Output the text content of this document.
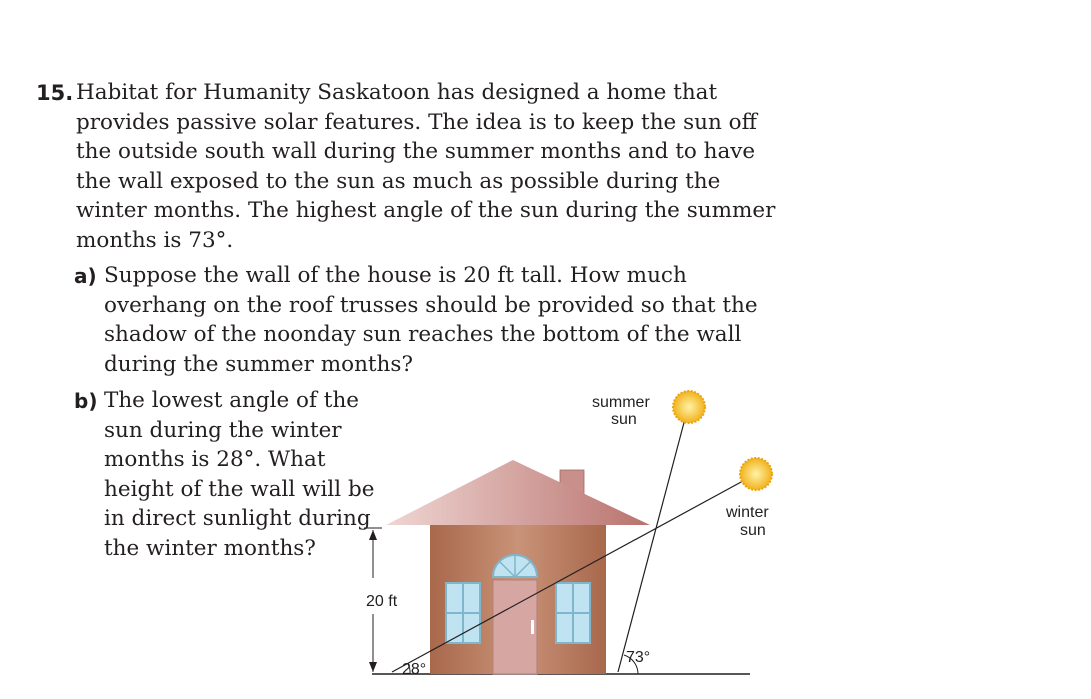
15. Habitat for Humanity Saskatoon has designed a home that provides passive solar features. The idea is to keep the sun off the outside south wall during the summer months and to have the wall exposed to the sun as much as possible during the winter months. The highest angle of the sun during the summer months is 73°.
a) Suppose the wall of the house is 20 ft tall. How much overhang on the roof trusses should be provided so that the shadow of the noonday sun reaches the bottom of the wall during the summer months?
b) The lowest angle of the sun during the winter months is 28°. What height of the wall will be in direct sunlight during the winter months?
20 ft
28°
73°
summer
sun
winter
sun
